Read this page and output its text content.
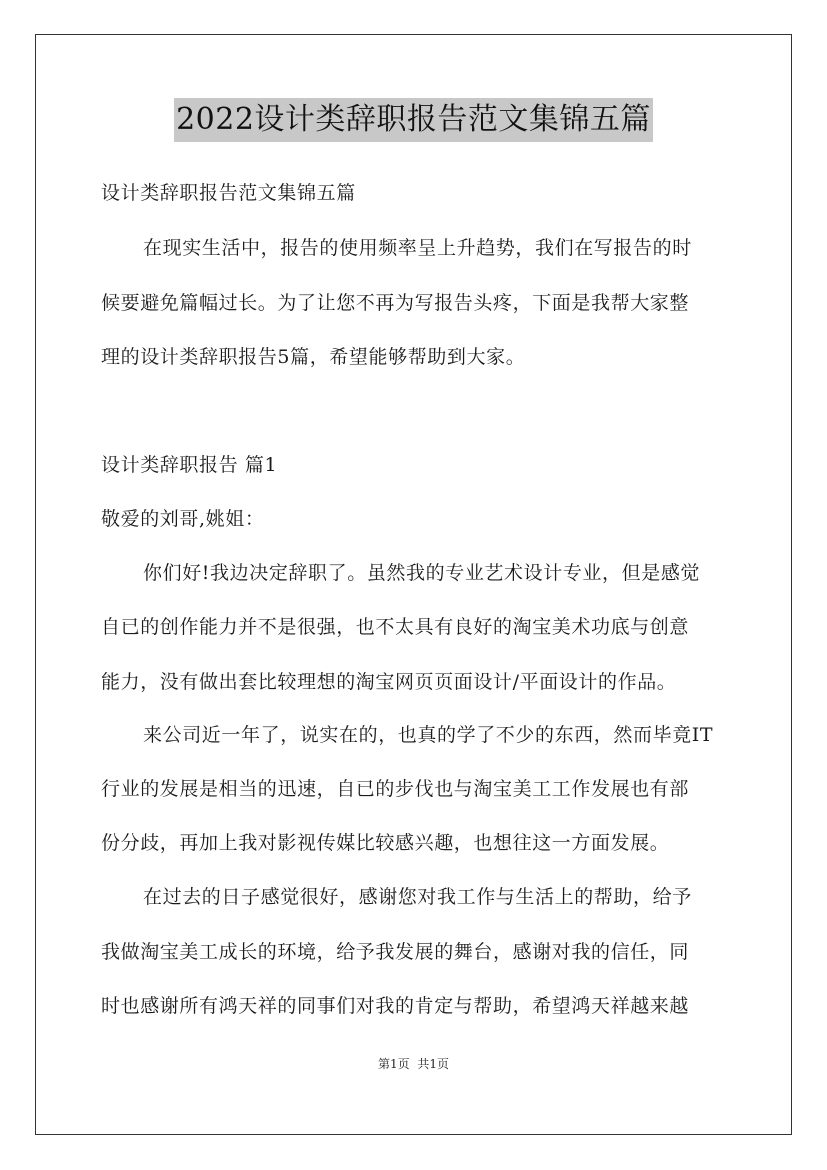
2022设计类辞职报告范文集锦五篇
设计类辞职报告范文集锦五篇
在现实生活中，报告的使用频率呈上升趋势，我们在写报告的时
候要避免篇幅过长。为了让您不再为写报告头疼，下面是我帮大家整
理的设计类辞职报告5篇，希望能够帮助到大家。
设计类辞职报告 篇1
敬爱的刘哥,姚姐：
你们好!我边决定辞职了。虽然我的专业艺术设计专业，但是感觉
自已的创作能力并不是很强，也不太具有良好的淘宝美术功底与创意
能力，没有做出套比较理想的淘宝网页页面设计/平面设计的作品。
来公司近一年了，说实在的，也真的学了不少的东西，然而毕竟IT
行业的发展是相当的迅速，自已的步伐也与淘宝美工工作发展也有部
份分歧，再加上我对影视传媒比较感兴趣，也想往这一方面发展。
在过去的日子感觉很好，感谢您对我工作与生活上的帮助，给予
我做淘宝美工成长的环境，给予我发展的舞台，感谢对我的信任，同
时也感谢所有鸿天祥的同事们对我的肯定与帮助，希望鸿天祥越来越
第1页 共1页
